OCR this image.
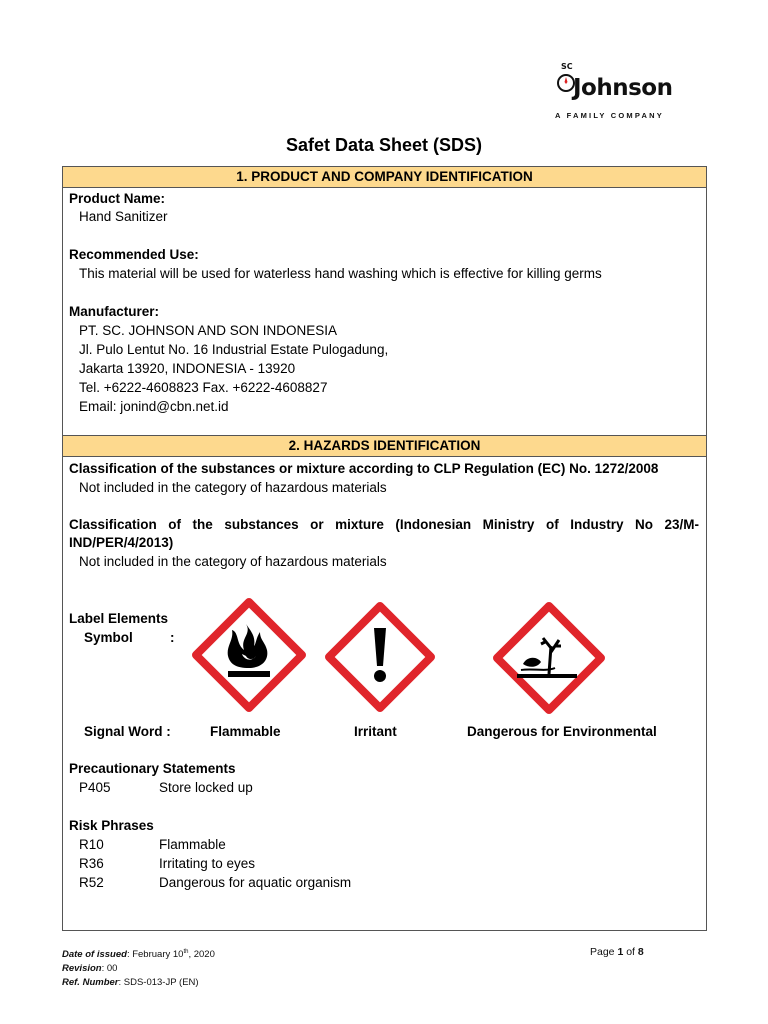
SC
Johnson
A FAMILY COMPANY
Safet Data Sheet (SDS)
1. PRODUCT AND COMPANY IDENTIFICATION
Product Name:
Hand Sanitizer
Recommended Use:
This material will be used for waterless hand washing which is effective for killing germs
Manufacturer:
PT. SC. JOHNSON AND SON INDONESIA
Jl. Pulo Lentut No. 16 Industrial Estate Pulogadung,
Jakarta 13920, INDONESIA - 13920
Tel. +6222-4608823 Fax. +6222-4608827
Email: jonind@cbn.net.id
2. HAZARDS IDENTIFICATION
Classification of the substances or mixture according to CLP Regulation (EC) No. 1272/2008
Not included in the category of hazardous materials
Classification of the substances or mixture (Indonesian Ministry of Industry No 23/M-
IND/PER/4/2013)
Not included in the category of hazardous materials
Label Elements
Symbol	:
Signal Word :	Flammable	Irritant	Dangerous for Environmental
Precautionary Statements
P405	Store locked up
Risk Phrases
R10	Flammable
R36	Irritating to eyes
R52	Dangerous for aquatic organism
Date of issued: February 10th, 2020
Revision: 00
Ref. Number: SDS-013-JP (EN)
Page 1 of 8
